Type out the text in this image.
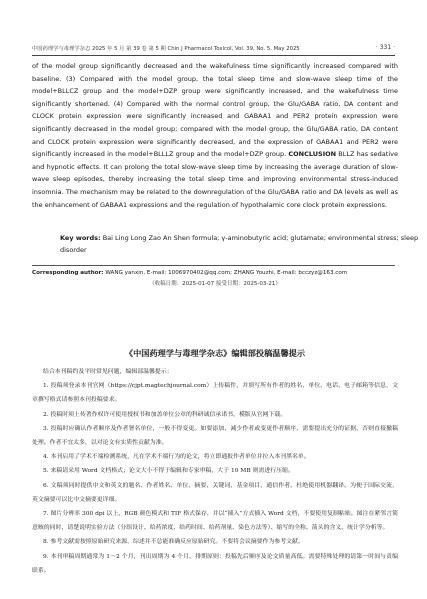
中国药理学与毒理学杂志 2025 年 5 月 第 39 卷 第 5 期 Chin J Pharmacol Toxicol, Vol. 39, No. 5, May 2025	· 331 ·
of the model group significantly decreased and the wakefulness time significantly increased compared with baseline. (3) Compared with the model group, the total sleep time and slow-wave sleep time of the model+BLLCZ group and the model+DZP group were significantly increased, and the wakefulness time significantly shortened. (4) Compared with the normal control group, the Glu/GABA ratio, DA content and CLOCK protein expression were significantly increased and GABAA1 and PER2 protein expression were significantly decreased in the model group; compared with the model group, the Glu/GABA ratio, DA content and CLOCK protein expression were significantly decreased, and the expression of GABAA1 and PER2 were significantly increased in the model+BLLLZ group and the model+DZP group. CONCLUSION BLLZ has sedative and hypnotic effects. It can prolong the total slow-wave sleep time by increasing the average duration of slow-wave sleep episodes, thereby increasing the total sleep time and improving environmental stress-induced insomnia. The mechanism may be related to the downregulation of the Glu/GABA ratio and DA levels as well as the enhancement of GABAA1 expressions and the regulation of hypothalamic core clock protein expressions.
Key words: Bai Ling Long Zao An Shen formula; γ-aminobutyric acid; glutamate; environmental stress; sleep disorder
Corresponding author: WANG yanxin, E-mail: 1006970402@qq.com; ZHANG Youzhi, E-mail: bcczyz@163.com
（收稿日期：2025-01-07 接受日期：2025-03-21）
《中国药理学与毒理学杂志》编辑部投稿温馨提示

结合本刊稿约及平时常见问题，编辑部温馨提示：

1. 投稿须登录本刊官网（https://cjpt.magtechjournal.com）上传稿件，并填写所有作者的姓名、单位、电话、电子邮箱等信息，文章撰写格式请参照本刊投稿要求。

2. 投稿时须上传著作权许可使用授权书和加盖单位公章的科研诚信承诺书，模版从官网下载。

3. 投稿时应确认作者顺序及作者署名单位，一般不得变更。如要添加、减少作者或变更作者顺序，需要提出充分的证据，否则直接撤稿处理。作者不宜太多，以对论文有实质性贡献为准。

4. 本刊启用了学术不端检测系统，凡在学术不端行为的论文，将立即通报作者单位并拉入本刊黑名单。

5. 来稿请采用 Word 文档格式；论文大小不得于编辑和专家审稿，大于 10 MB 则需进行压缩。

6. 文稿须同时提供中文和英文的题名、作者姓名、单位、摘要、关键词、基金项目、通信作者。杜绝使用机器翻译。为便于国际交流，英文摘要可以比中文摘要更详细。

7. 图片分辨率 300 dpi 以上，RGB 颜色模式和 TIF 格式保存，并以“插入”方式插入 Word 文档，不要使用复制粘贴。图注在紧邻言简意赅的同时，请楚说明实验方法（分组设计、给药浓度、给药时间、给药剂量、染色方法等）、缩写的全称、箭头的含义、统计学分析等。

8. 参考文献需按照原始研究来源，综述并不总能准确反应原始研究。不要将会议摘要作为参考文献。

9. 本刊审稿周期通常为 1～2 个月，刊出周期为 4 个月，排期原则：投稿先后顺序及论文质量高低。需要特殊处理的请第一时间与责编联系。
